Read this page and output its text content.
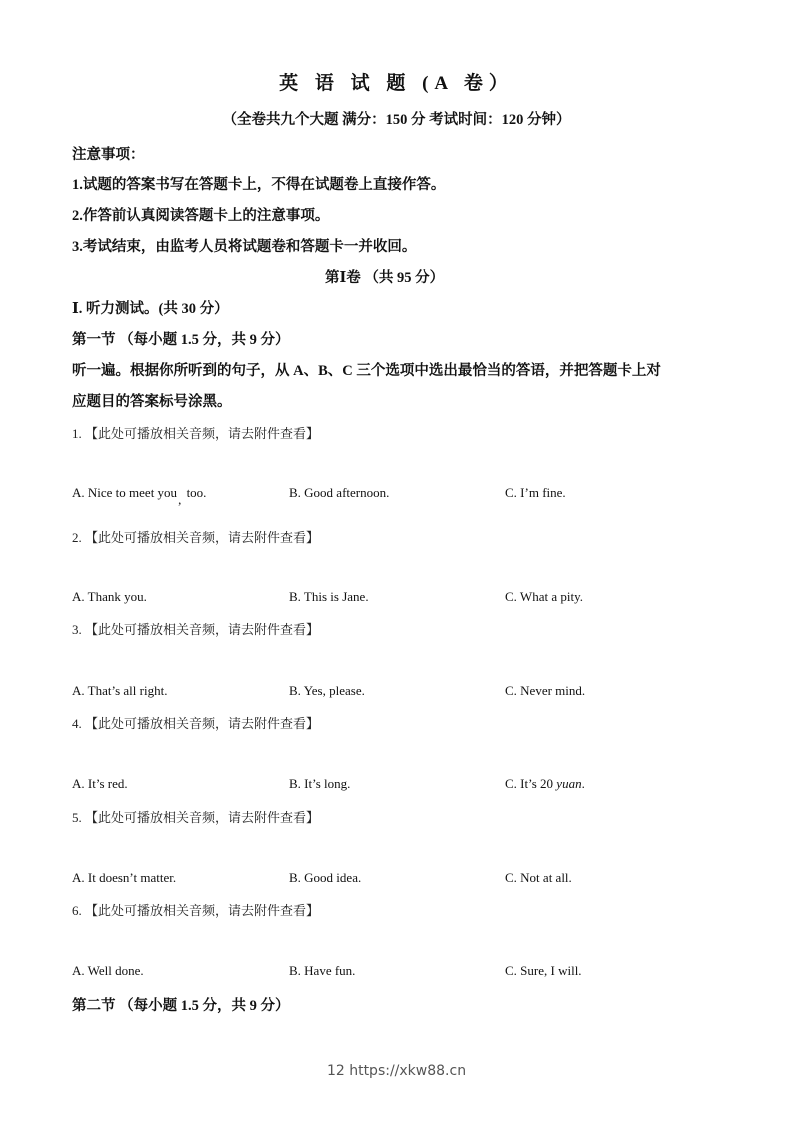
英 语 试 题 (A 卷）
（全卷共九个大题 满分：150 分 考试时间：120 分钟）
注意事项：
1.试题的答案书写在答题卡上，不得在试题卷上直接作答。
2.作答前认真阅读答题卡上的注意事项。
3.考试结束，由监考人员将试题卷和答题卡一并收回。
第Ⅰ卷 （共 95 分）
Ⅰ. 听力测试。(共 30 分）
第一节 （每小题 1.5 分，共 9 分）
听一遍。根据你所听到的句子，从 A、B、C 三个选项中选出最恰当的答语，并把答题卡上对
应题目的答案标号涂黑。
1. 【此处可播放相关音频，请去附件查看】
A. Nice to meet you, too.	B. Good afternoon.	C. I’m fine.
2. 【此处可播放相关音频，请去附件查看】
A. Thank you.	B. This is Jane.	C. What a pity.
3. 【此处可播放相关音频，请去附件查看】
A. That’s all right.	B. Yes, please.	C. Never mind.
4. 【此处可播放相关音频，请去附件查看】
A. It’s red.	B. It’s long.	C. It’s 20 yuan.
5. 【此处可播放相关音频，请去附件查看】
A. It doesn’t matter.	B. Good idea.	C. Not at all.
6. 【此处可播放相关音频，请去附件查看】
A. Well done.	B. Have fun.	C. Sure, I will.
第二节 （每小题 1.5 分，共 9 分）
12 https://xkw88.cn
